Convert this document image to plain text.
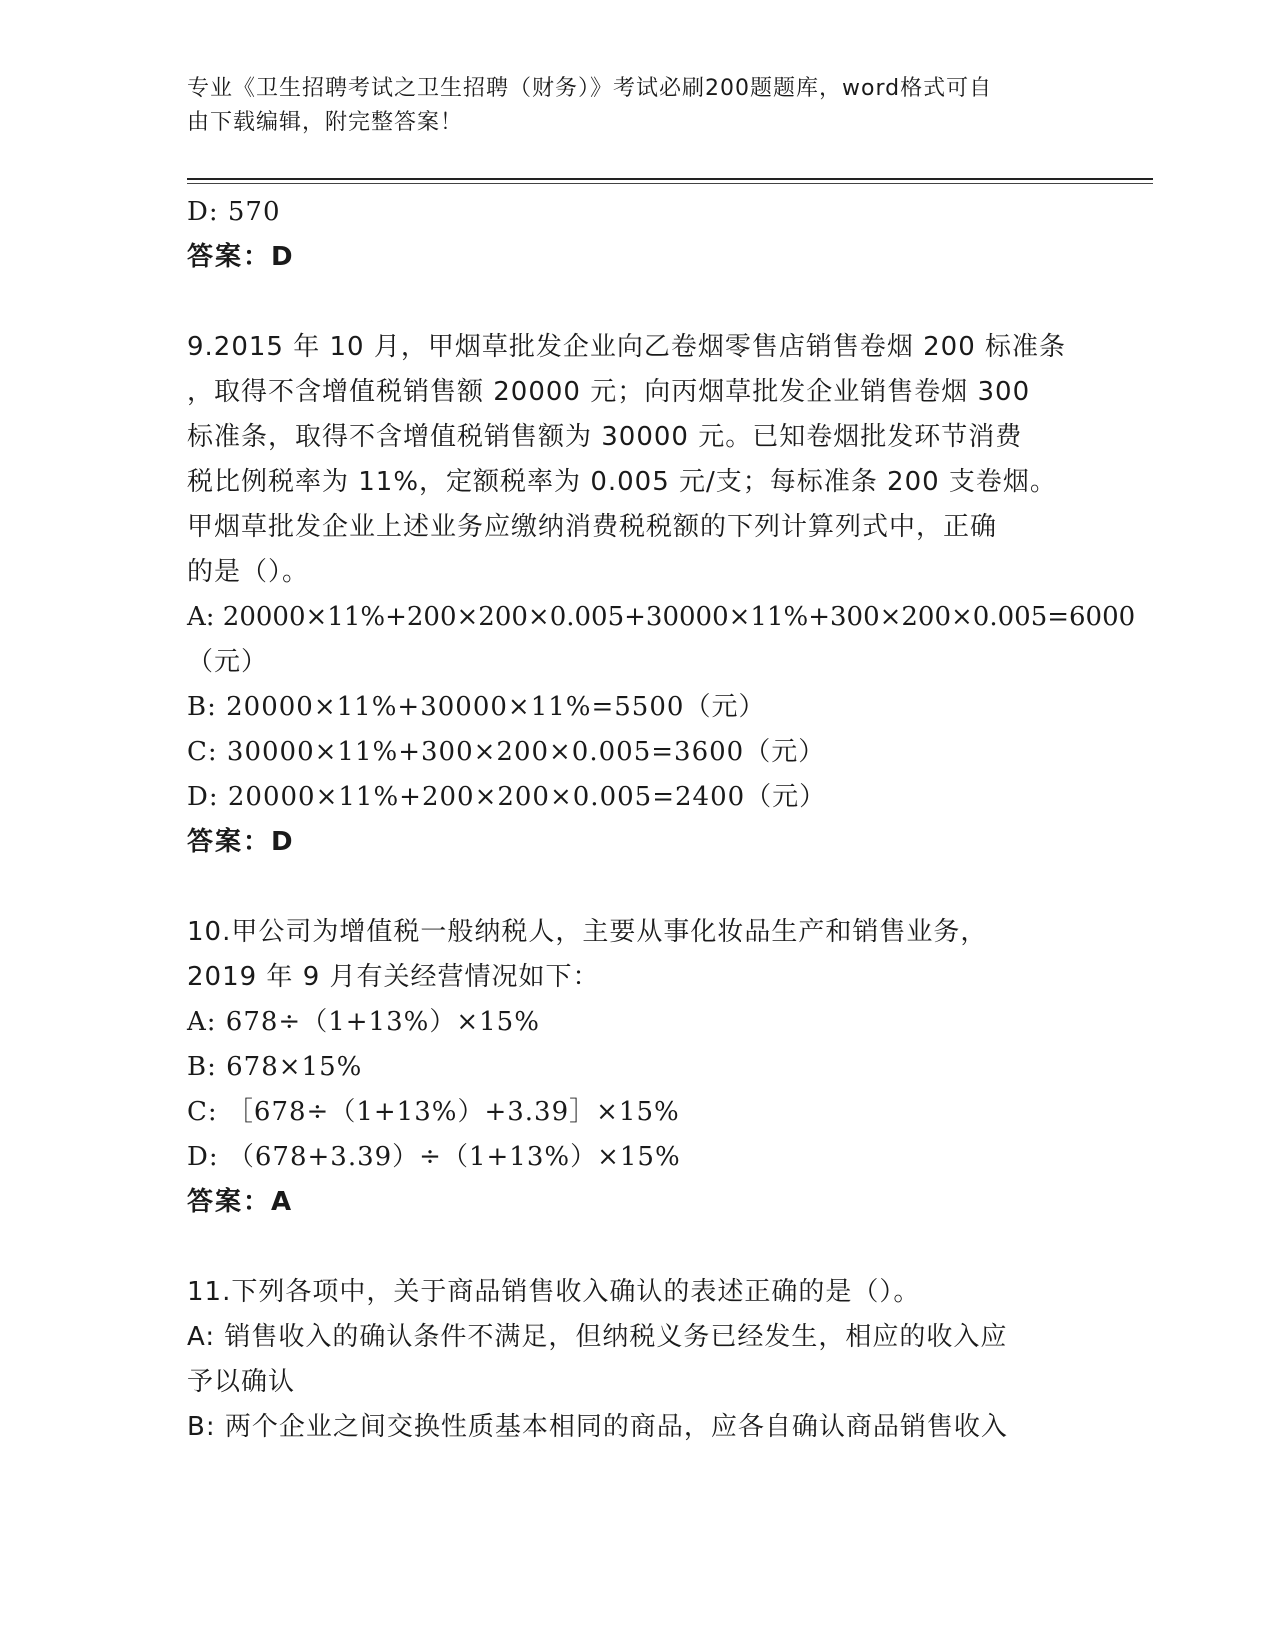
专业《卫生招聘考试之卫生招聘（财务）》考试必刷200题题库，word格式可自
由下载编辑，附完整答案！
D: 570
答案：D
9.2015 年 10 月，甲烟草批发企业向乙卷烟零售店销售卷烟 200 标准条
，取得不含增值税销售额 20000 元；向丙烟草批发企业销售卷烟 300
标准条，取得不含增值税销售额为 30000 元。已知卷烟批发环节消费
税比例税率为 11%，定额税率为 0.005 元/支；每标准条 200 支卷烟。
甲烟草批发企业上述业务应缴纳消费税税额的下列计算列式中，正确
的是（）。
A: 20000×11%+200×200×0.005+30000×11%+300×200×0.005=6000
（元）
B: 20000×11%+30000×11%=5500（元）
C: 30000×11%+300×200×0.005=3600（元）
D: 20000×11%+200×200×0.005=2400（元）
答案：D
10.甲公司为增值税一般纳税人，主要从事化妆品生产和销售业务，
2019 年 9 月有关经营情况如下：
A: 678÷（1+13%）×15%
B: 678×15%
C: ［678÷（1+13%）+3.39］×15%
D: （678+3.39）÷（1+13%）×15%
答案：A
11.下列各项中，关于商品销售收入确认的表述正确的是（）。
A: 销售收入的确认条件不满足，但纳税义务已经发生，相应的收入应
予以确认
B: 两个企业之间交换性质基本相同的商品，应各自确认商品销售收入
